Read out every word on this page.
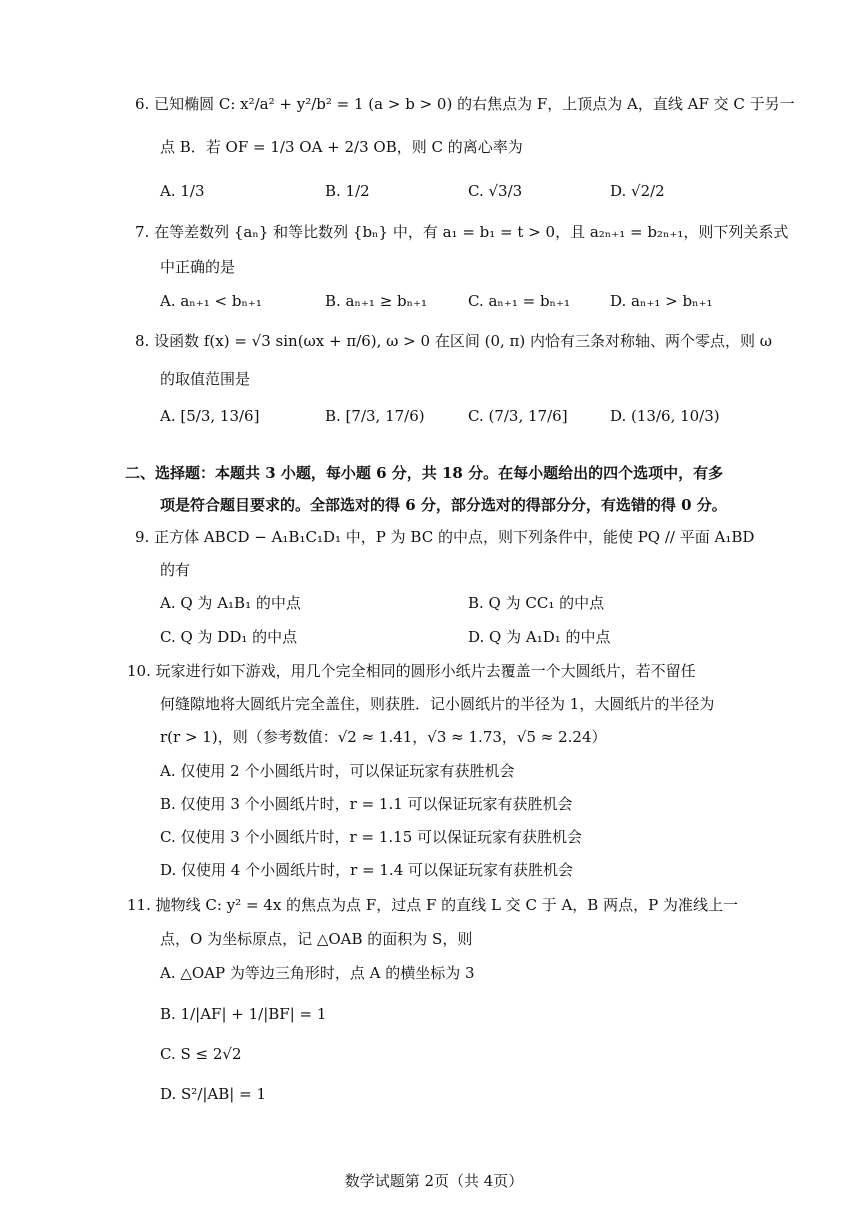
6. 已知椭圆 C: x²/a² + y²/b² = 1 (a > b > 0) 的右焦点为 F，上顶点为 A，直线 AF 交 C 于另一
点 B．若 OF = 1/3 OA + 2/3 OB，则 C 的离心率为
A. 1/3	B. 1/2	C. √3/3	D. √2/2
7. 在等差数列 {aₙ} 和等比数列 {bₙ} 中，有 a₁ = b₁ = t > 0，且 a₂ₙ₊₁ = b₂ₙ₊₁，则下列关系式
中正确的是
A. aₙ₊₁ < bₙ₊₁	B. aₙ₊₁ ≥ bₙ₊₁	C. aₙ₊₁ = bₙ₊₁	D. aₙ₊₁ > bₙ₊₁
8. 设函数 f(x) = √3 sin(ωx + π/6), ω > 0 在区间 (0, π) 内恰有三条对称轴、两个零点，则 ω
的取值范围是
A. [5/3, 13/6]	B. [7/3, 17/6)	C. (7/3, 17/6]	D. (13/6, 10/3)
二、选择题：本题共 3 小题，每小题 6 分，共 18 分。在每小题给出的四个选项中，有多
项是符合题目要求的。全部选对的得 6 分，部分选对的得部分分，有选错的得 0 分。
9. 正方体 ABCD − A₁B₁C₁D₁ 中，P 为 BC 的中点，则下列条件中，能使 PQ // 平面 A₁BD
的有
A. Q 为 A₁B₁ 的中点	B. Q 为 CC₁ 的中点
C. Q 为 DD₁ 的中点	D. Q 为 A₁D₁ 的中点
10. 玩家进行如下游戏，用几个完全相同的圆形小纸片去覆盖一个大圆纸片，若不留任
何缝隙地将大圆纸片完全盖住，则获胜．记小圆纸片的半径为 1，大圆纸片的半径为
r(r > 1)，则（参考数值：√2 ≈ 1.41，√3 ≈ 1.73，√5 ≈ 2.24）
A. 仅使用 2 个小圆纸片时，可以保证玩家有获胜机会
B. 仅使用 3 个小圆纸片时，r = 1.1 可以保证玩家有获胜机会
C. 仅使用 3 个小圆纸片时，r = 1.15 可以保证玩家有获胜机会
D. 仅使用 4 个小圆纸片时，r = 1.4 可以保证玩家有获胜机会
11. 抛物线 C: y² = 4x 的焦点为点 F，过点 F 的直线 L 交 C 于 A，B 两点，P 为准线上一
点，O 为坐标原点，记 △OAB 的面积为 S，则
A. △OAP 为等边三角形时，点 A 的横坐标为 3
B. 1/|AF| + 1/|BF| = 1
C. S ≤ 2√2
D. S²/|AB| = 1
数学试题第 2页（共 4页）
